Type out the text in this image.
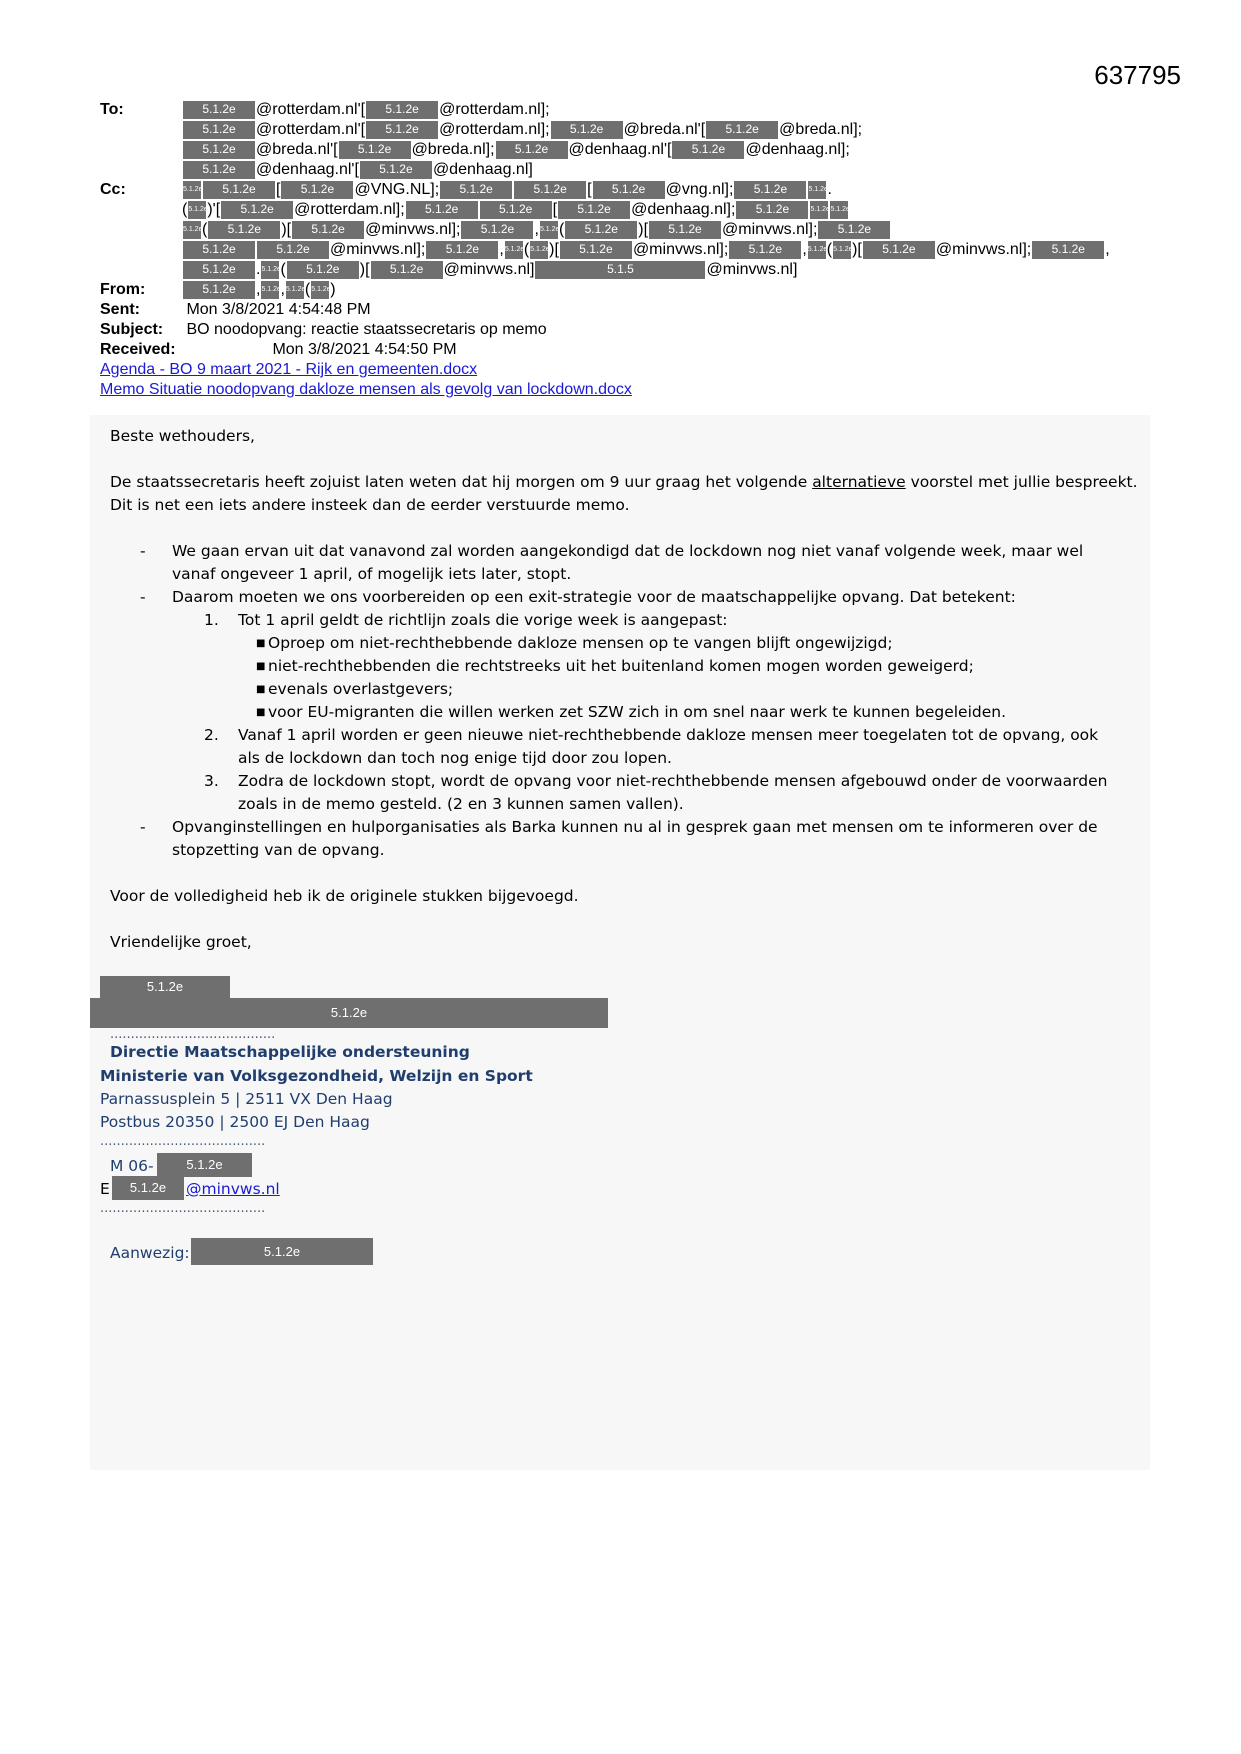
637795
To:	5.1.2e @rotterdam.nl'[ 5.1.2e @rotterdam.nl];
5.1.2e @rotterdam.nl'[ 5.1.2e @rotterdam.nl]; 5.1.2e @breda.nl'[ 5.1.2e @breda.nl];
5.1.2e @breda.nl'[ 5.1.2e @breda.nl]; 5.1.2e @denhaag.nl'[ 5.1.2e @denhaag.nl];
5.1.2e @denhaag.nl'[ 5.1.2e @denhaag.nl]
Cc:	5.1.2e 5.1.2e [ 5.1.2e @VNG.NL]; 5.1.2e	5.1.2e [ 5.1.2e @vng.nl]; 5.1.2e	5.1.2e.
(5.1.2e)'[ 5.1.2e @rotterdam.nl]; 5.1.2e	5.1.2e [ 5.1.2e @denhaag.nl]; 5.1.2e	5.1.2e5.1.2e
5.1.2e( 5.1.2e )[ 5.1.2e @minvws.nl]; 5.1.2e ,5.1.2e( 5.1.2e )[ 5.1.2e @minvws.nl]; 5.1.2e
5.1.2e	5.1.2e @minvws.nl]; 5.1.2e ,5.1.2e(5.1.2e)[ 5.1.2e @minvws.nl]; 5.1.2e ,5.1.2e(5.1.2e)[ 5.1.2e @minvws.nl]; 5.1.2e ,
5.1.2e .5.1.2e( 5.1.2e )[ 5.1.2e @minvws.nl]	5.1.5	@minvws.nl]
From:	5.1.2e ,5.1.2e,5.1.2e(5.1.2e)
Sent:	Mon 3/8/2021 4:54:48 PM
Subject: BO noodopvang: reactie staatssecretaris op memo
Received:	Mon 3/8/2021 4:54:50 PM
Agenda - BO 9 maart 2021 - Rijk en gemeenten.docx
Memo Situatie noodopvang dakloze mensen als gevolg van lockdown.docx

Beste wethouders,

De staatssecretaris heeft zojuist laten weten dat hij morgen om 9 uur graag het volgende alternatieve voorstel met jullie bespreekt.
Dit is net een iets andere insteek dan de eerder verstuurde memo.

- We gaan ervan uit dat vanavond zal worden aangekondigd dat de lockdown nog niet vanaf volgende week, maar wel vanaf ongeveer 1 april, of mogelijk iets later, stopt.
- Daarom moeten we ons voorbereiden op een exit-strategie voor de maatschappelijke opvang. Dat betekent:
1. Tot 1 april geldt de richtlijn zoals die vorige week is aangepast:
■ Oproep om niet-rechthebbende dakloze mensen op te vangen blijft ongewijzigd;
■ niet-rechthebbenden die rechtstreeks uit het buitenland komen mogen worden geweigerd;
■ evenals overlastgevers;
■ voor EU-migranten die willen werken zet SZW zich in om snel naar werk te kunnen begeleiden.
2. Vanaf 1 april worden er geen nieuwe niet-rechthebbende dakloze mensen meer toegelaten tot de opvang, ook als de lockdown dan toch nog enige tijd door zou lopen.
3. Zodra de lockdown stopt, wordt de opvang voor niet-rechthebbende mensen afgebouwd onder de voorwaarden zoals in de memo gesteld. (2 en 3 kunnen samen vallen).
- Opvanginstellingen en hulporganisaties als Barka kunnen nu al in gesprek gaan met mensen om te informeren over de stopzetting van de opvang.

Voor de volledigheid heb ik de originele stukken bijgevoegd.

Vriendelijke groet,

5.1.2e
5.1.2e
........................................
Directie Maatschappelijke ondersteuning
Ministerie van Volksgezondheid, Welzijn en Sport
Parnassusplein 5 | 2511 VX Den Haag
Postbus 20350 | 2500 EJ Den Haag
........................................
M 06-	5.1.2e
E	5.1.2e	@minvws.nl
........................................
Aanwezig:	5.1.2e
